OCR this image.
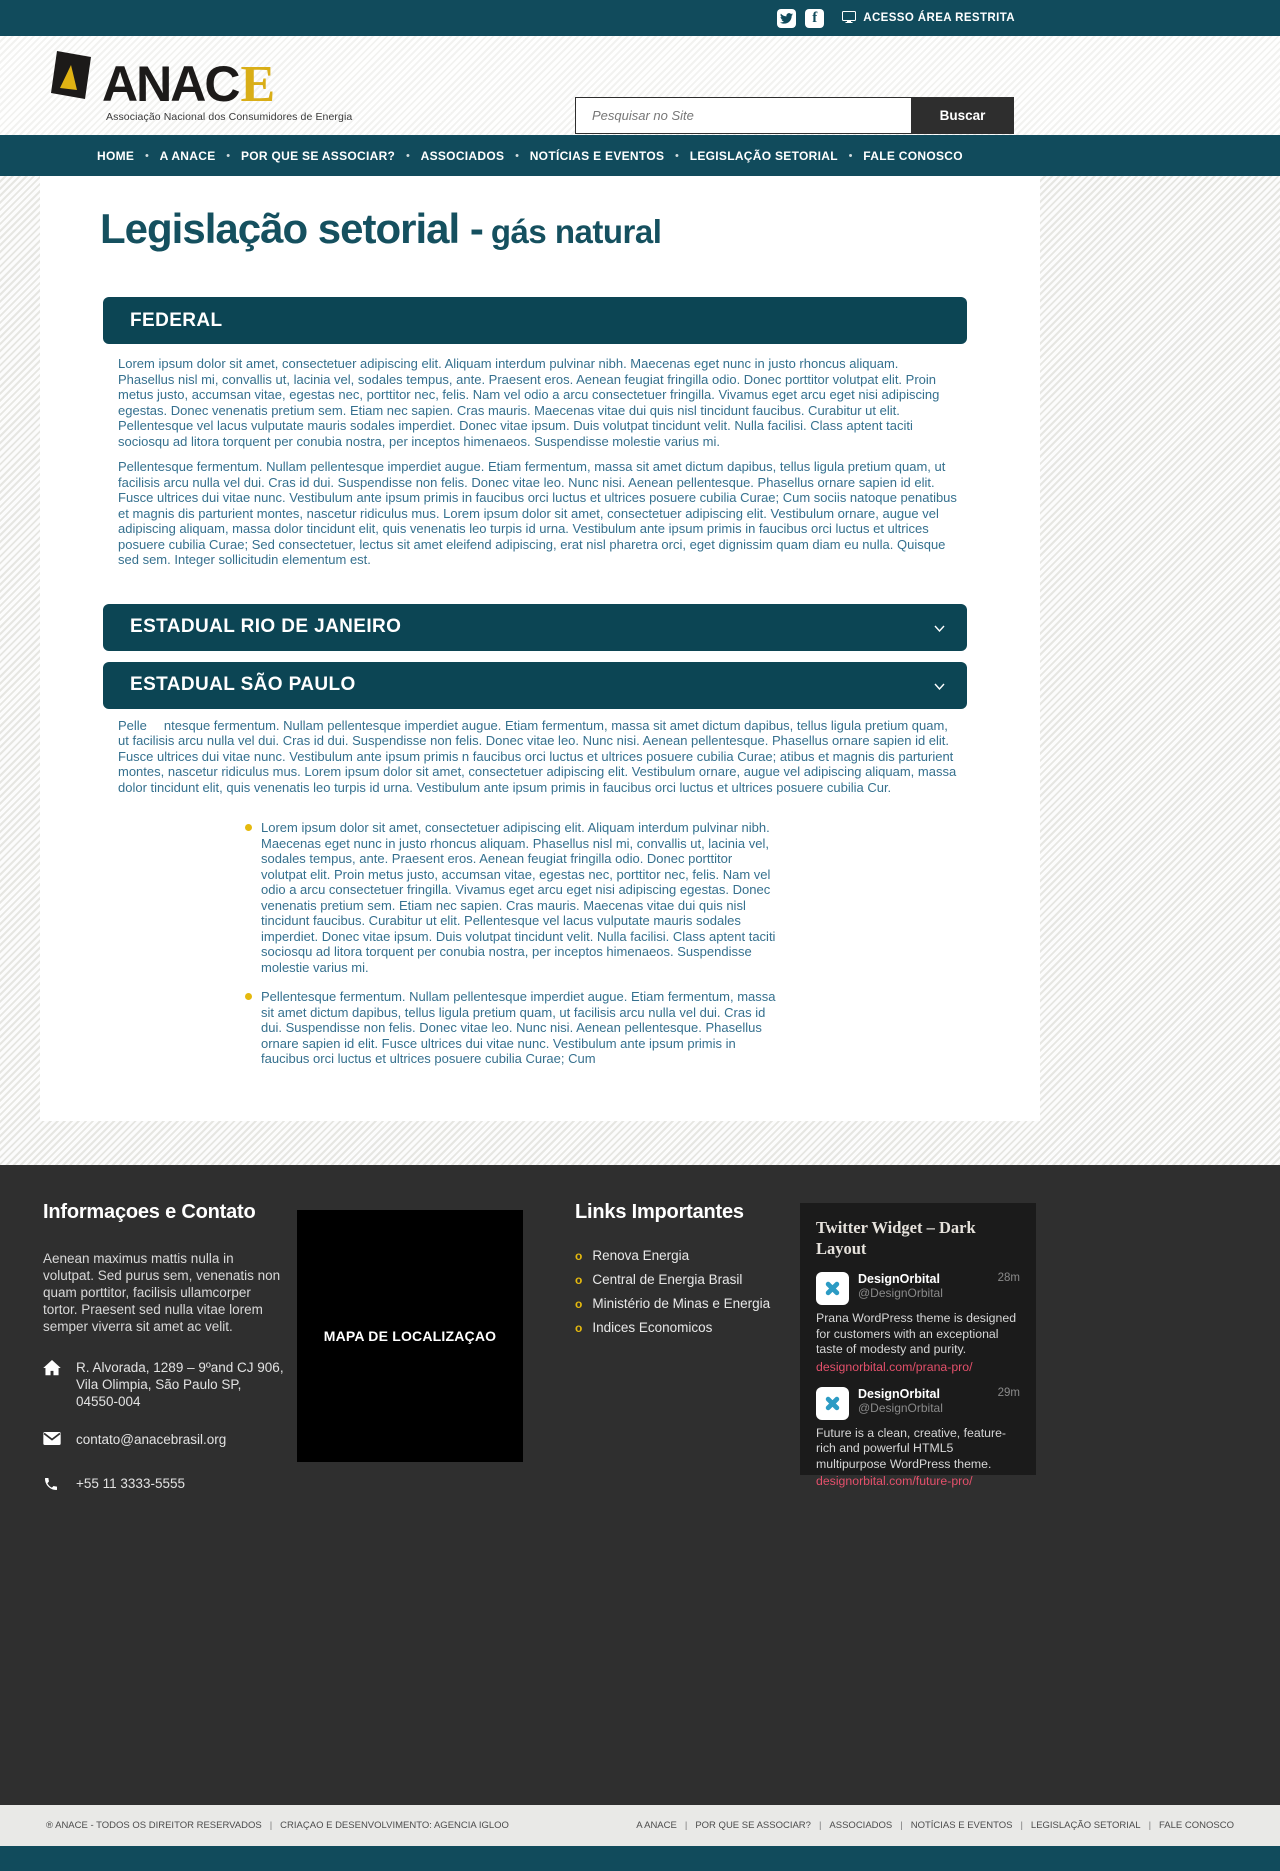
f	ACESSO ÁREA RESTRITA
ANAC E
Associação Nacional dos Consumidores de Energia
Pesquisar no Site	Buscar
HOME • A ANACE • POR QUE SE ASSOCIAR? • ASSOCIADOS • NOTÍCIAS E EVENTOS • LEGISLAÇÃO SETORIAL • FALE CONOSCO
Legislação setorial - gás natural
FEDERAL

Lorem ipsum dolor sit amet, consectetuer adipiscing elit. Aliquam interdum pulvinar nibh. Maecenas eget nunc in justo rhoncus aliquam. Phasellus nisl mi, convallis ut, lacinia vel, sodales tempus, ante. Praesent eros. Aenean feugiat fringilla odio. Donec porttitor volutpat elit. Proin metus justo, accumsan vitae, egestas nec, porttitor nec, felis. Nam vel odio a arcu consectetuer fringilla. Vivamus eget arcu eget nisi adipiscing egestas. Donec venenatis pretium sem. Etiam nec sapien. Cras mauris. Maecenas vitae dui quis nisl tincidunt faucibus. Curabitur ut elit. Pellentesque vel lacus vulputate mauris sodales imperdiet. Donec vitae ipsum. Duis volutpat tincidunt velit. Nulla facilisi. Class aptent taciti sociosqu ad litora torquent per conubia nostra, per inceptos himenaeos. Suspendisse molestie varius mi.

Pellentesque fermentum. Nullam pellentesque imperdiet augue. Etiam fermentum, massa sit amet dictum dapibus, tellus ligula pretium quam, ut facilisis arcu nulla vel dui. Cras id dui. Suspendisse non felis. Donec vitae leo. Nunc nisi. Aenean pellentesque. Phasellus ornare sapien id elit. Fusce ultrices dui vitae nunc. Vestibulum ante ipsum primis in faucibus orci luctus et ultrices posuere cubilia Curae; Cum sociis natoque penatibus et magnis dis parturient montes, nascetur ridiculus mus. Lorem ipsum dolor sit amet, consectetuer adipiscing elit. Vestibulum ornare, augue vel adipiscing aliquam, massa dolor tincidunt elit, quis venenatis leo turpis id urna. Vestibulum ante ipsum primis in faucibus orci luctus et ultrices posuere cubilia Curae; Sed consectetuer, lectus sit amet eleifend adipiscing, erat nisl pharetra orci, eget dignissim quam diam eu nulla. Quisque sed sem. Integer sollicitudin elementum est.

ESTADUAL RIO DE JANEIRO
ESTADUAL SÃO PAULO

Pelle ntesque fermentum. Nullam pellentesque imperdiet augue. Etiam fermentum, massa sit amet dictum dapibus, tellus ligula pretium quam, ut facilisis arcu nulla vel dui. Cras id dui. Suspendisse non felis. Donec vitae leo. Nunc nisi. Aenean pellentesque. Phasellus ornare sapien id elit. Fusce ultrices dui vitae nunc. Vestibulum ante ipsum primis n faucibus orci luctus et ultrices posuere cubilia Curae; atibus et magnis dis parturient montes, nascetur ridiculus mus. Lorem ipsum dolor sit amet, consectetuer adipiscing elit. Vestibulum ornare, augue vel adipiscing aliquam, massa dolor tincidunt elit, quis venenatis leo turpis id urna. Vestibulum ante ipsum primis in faucibus orci luctus et ultrices posuere cubilia Cur.

Lorem ipsum dolor sit amet, consectetuer adipiscing elit. Aliquam interdum pulvinar nibh. Maecenas eget nunc in justo rhoncus aliquam. Phasellus nisl mi, convallis ut, lacinia vel, sodales tempus, ante. Praesent eros. Aenean feugiat fringilla odio. Donec porttitor volutpat elit. Proin metus justo, accumsan vitae, egestas nec, porttitor nec, felis. Nam vel odio a arcu consectetuer fringilla. Vivamus eget arcu eget nisi adipiscing egestas. Donec venenatis pretium sem. Etiam nec sapien. Cras mauris. Maecenas vitae dui quis nisl tincidunt faucibus. Curabitur ut elit. Pellentesque vel lacus vulputate mauris sodales imperdiet. Donec vitae ipsum. Duis volutpat tincidunt velit. Nulla facilisi. Class aptent taciti sociosqu ad litora torquent per conubia nostra, per inceptos himenaeos. Suspendisse molestie varius mi.
Pellentesque fermentum. Nullam pellentesque imperdiet augue. Etiam fermentum, massa sit amet dictum dapibus, tellus ligula pretium quam, ut facilisis arcu nulla vel dui. Cras id dui. Suspendisse non felis. Donec vitae leo. Nunc nisi. Aenean pellentesque. Phasellus ornare sapien id elit. Fusce ultrices dui vitae nunc. Vestibulum ante ipsum primis in faucibus orci luctus et ultrices posuere cubilia Curae; Cum
Informaçoes e Contato

Aenean maximus mattis nulla in volutpat. Sed purus sem, venenatis non quam porttitor, facilisis ullamcorper tortor. Praesent sed nulla vitae lorem semper viverra sit amet ac velit.

R. Alvorada, 1289 – 9ºand CJ 906,
Vila Olimpia, São Paulo SP, 04550-004
contato@anacebrasil.org
+55 11 3333-5555
MAPA DE LOCALIZAÇAO
Links Importantes
o Renova Energia
o Central de Energia Brasil
o Ministério de Minas e Energia
o Indices Economicos
Twitter Widget – Dark Layout
DesignOrbital
@DesignOrbital
28m
Prana WordPress theme is designed for customers with an exceptional taste of modesty and purity.
designorbital.com/prana-pro/
DesignOrbital
@DesignOrbital
29m
Future is a clean, creative, feature-rich and powerful HTML5 multipurpose WordPress theme.
designorbital.com/future-pro/
® ANACE - TODOS OS DIREITOR RESERVADOS | CRIAÇAO E DESENVOLVIMENTO: AGENCIA IGLOO	A ANACE | POR QUE SE ASSOCIAR? | ASSOCIADOS | NOTÍCIAS E EVENTOS | LEGISLAÇÃO SETORIAL | FALE CONOSCO
